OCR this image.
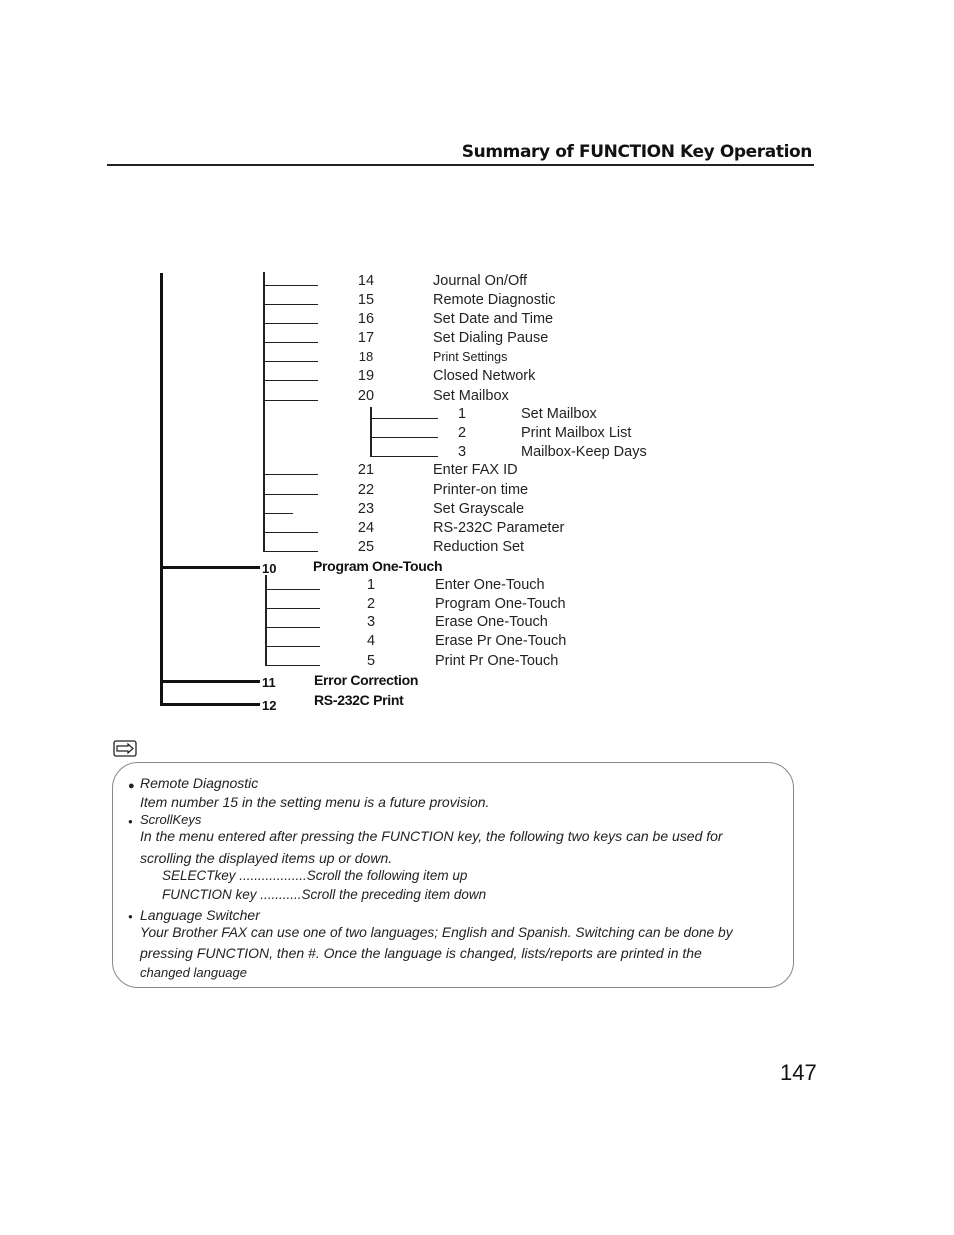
Summary of FUNCTION Key Operation
14	Journal On/Off
15	Remote Diagnostic
16	Set Date and Time
17	Set Dialing Pause
18	Print Settings
19	Closed Network
20	Set Mailbox
1	Set Mailbox
2	Print Mailbox List
3	Mailbox-Keep Days
21	Enter FAX ID
22	Printer-on time
23	Set Grayscale
24	RS-232C Parameter
25	Reduction Set
10	Program One-Touch
1	Enter One-Touch
2	Program One-Touch
3	Erase One-Touch
4	Erase Pr One-Touch
5	Print Pr One-Touch
11	Error Correction
12	RS-232C Print
● Remote Diagnostic
Item number 15 in the setting menu is a future provision.
● ScrollKeys
In the menu entered after pressing the FUNCTION key, the following two keys can be used for
scrolling the displayed items up or down.
SELECTkey ..................Scroll the following item up
FUNCTION key ...........Scroll the preceding item down
● Language Switcher
Your Brother FAX can use one of two languages; English and Spanish. Switching can be done by
pressing FUNCTION, then #. Once the language is changed, lists/reports are printed in the
changed language
147
